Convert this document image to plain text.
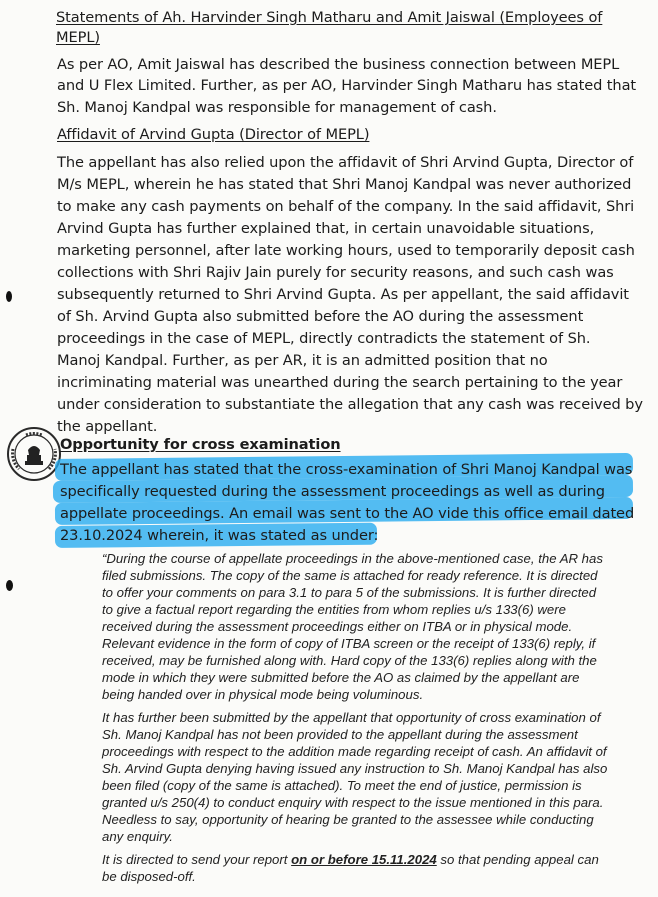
Statements of Ah. Harvinder Singh Matharu and Amit Jaiswal (Employees of

MEPL)

As per AO, Amit Jaiswal has described the business connection between MEPL

and U Flex Limited. Further, as per AO, Harvinder Singh Matharu has stated that

Sh. Manoj Kandpal was responsible for management of cash.

Affidavit of Arvind Gupta (Director of MEPL)

The appellant has also relied upon the affidavit of Shri Arvind Gupta, Director of

M/s MEPL, wherein he has stated that Shri Manoj Kandpal was never authorized

to make any cash payments on behalf of the company. In the said affidavit, Shri

Arvind Gupta has further explained that, in certain unavoidable situations,

marketing personnel, after late working hours, used to temporarily deposit cash

collections with Shri Rajiv Jain purely for security reasons, and such cash was

subsequently returned to Shri Arvind Gupta. As per appellant, the said affidavit

of Sh. Arvind Gupta also submitted before the AO during the assessment

proceedings in the case of MEPL, directly contradicts the statement of Sh.

Manoj Kandpal. Further, as per AR, it is an admitted position that no

incriminating material was unearthed during the search pertaining to the year

under consideration to substantiate the allegation that any cash was received by

the appellant.

Opportunity for cross examination

The appellant has stated that the cross-examination of Shri Manoj Kandpal was

specifically requested during the assessment proceedings as well as during

appellate proceedings. An email was sent to the AO vide this office email dated

23.10.2024 wherein, it was stated as under:

“During the course of appellate proceedings in the above-mentioned case, the AR has

filed submissions. The copy of the same is attached for ready reference. It is directed

to offer your comments on para 3.1 to para 5 of the submissions. It is further directed

to give a factual report regarding the entities from whom replies u/s 133(6) were

received during the assessment proceedings either on ITBA or in physical mode.

Relevant evidence in the form of copy of ITBA screen or the receipt of 133(6) reply, if

received, may be furnished along with. Hard copy of the 133(6) replies along with the

mode in which they were submitted before the AO as claimed by the appellant are

being handed over in physical mode being voluminous.

It has further been submitted by the appellant that opportunity of cross examination of

Sh. Manoj Kandpal has not been provided to the appellant during the assessment

proceedings with respect to the addition made regarding receipt of cash. An affidavit of

Sh. Arvind Gupta denying having issued any instruction to Sh. Manoj Kandpal has also

been filed (copy of the same is attached). To meet the end of justice, permission is

granted u/s 250(4) to conduct enquiry with respect to the issue mentioned in this para.

Needless to say, opportunity of hearing be granted to the assessee while conducting

any enquiry.

It is directed to send your report on or before 15.11.2024 so that pending appeal can

be disposed-off.
